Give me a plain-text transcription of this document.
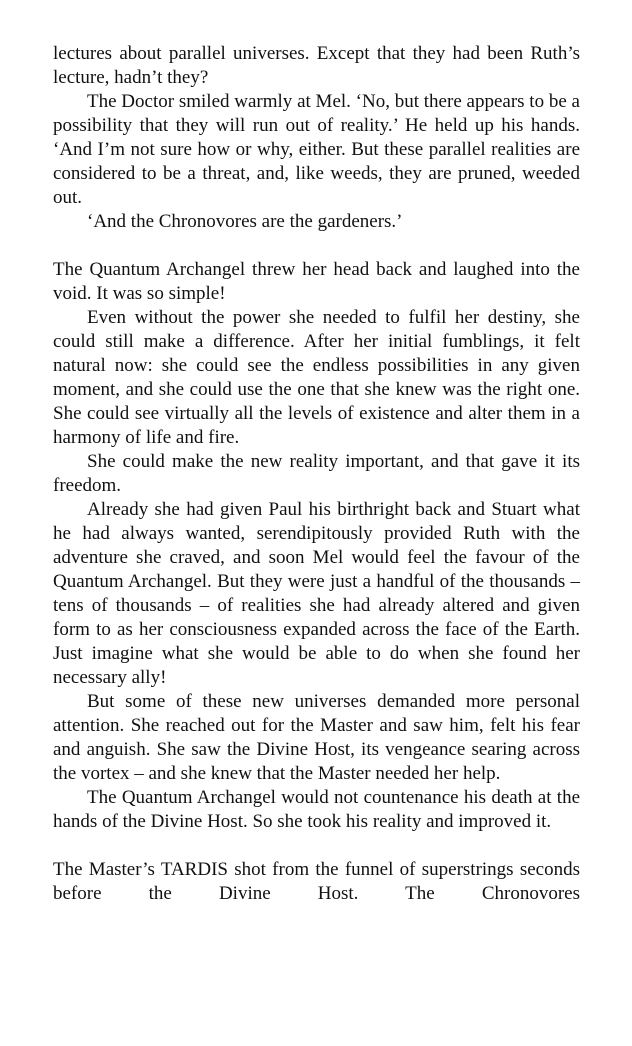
lectures about parallel universes. Except that they had been Ruth’s lecture, hadn’t they?

The Doctor smiled warmly at Mel. ‘No, but there appears to be a possibility that they will run out of reality.’ He held up his hands. ‘And I’m not sure how or why, either. But these parallel realities are considered to be a threat, and, like weeds, they are pruned, weeded out.

‘And the Chronovores are the gardeners.’

The Quantum Archangel threw her head back and laughed into the void. It was so simple!

Even without the power she needed to fulfil her destiny, she could still make a difference. After her initial fumblings, it felt natural now: she could see the endless possibilities in any given moment, and she could use the one that she knew was the right one. She could see virtually all the levels of existence and alter them in a harmony of life and fire.

She could make the new reality important, and that gave it its freedom.

Already she had given Paul his birthright back and Stuart what he had always wanted, serendipitously provided Ruth with the adventure she craved, and soon Mel would feel the favour of the Quantum Archangel. But they were just a handful of the thousands – tens of thousands – of realities she had already altered and given form to as her consciousness expanded across the face of the Earth. Just imagine what she would be able to do when she found her necessary ally!

But some of these new universes demanded more personal attention. She reached out for the Master and saw him, felt his fear and anguish. She saw the Divine Host, its vengeance searing across the vortex – and she knew that the Master needed her help.

The Quantum Archangel would not countenance his death at the hands of the Divine Host. So she took his reality and improved it.

The Master’s TARDIS shot from the funnel of superstrings seconds before the Divine Host. The Chronovores
